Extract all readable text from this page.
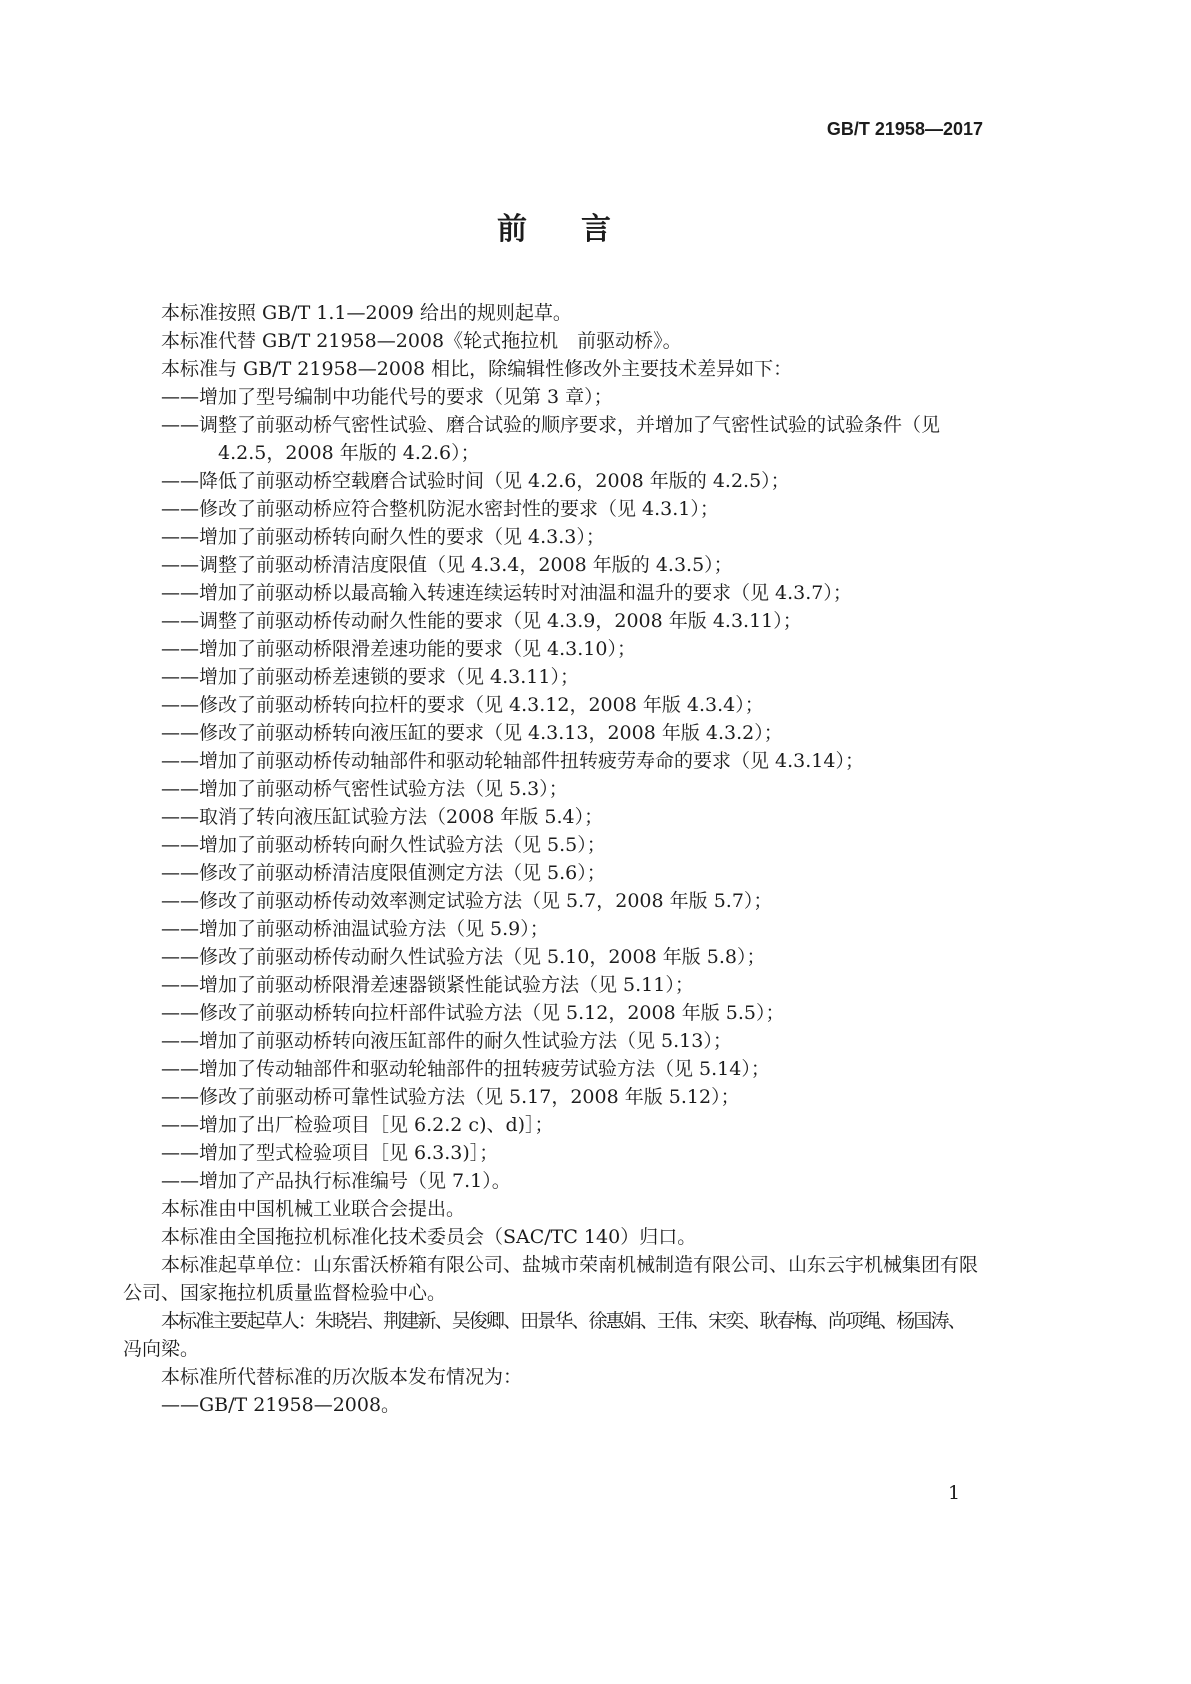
GB/T 21958—2017
前　言

本标准按照 GB/T 1.1—2009 给出的规则起草。

本标准代替 GB/T 21958—2008《轮式拖拉机　前驱动桥》。

本标准与 GB/T 21958—2008 相比，除编辑性修改外主要技术差异如下：

——增加了型号编制中功能代号的要求（见第 3 章）；

——调整了前驱动桥气密性试验、磨合试验的顺序要求，并增加了气密性试验的试验条件（见

4.2.5，2008 年版的 4.2.6）；

——降低了前驱动桥空载磨合试验时间（见 4.2.6，2008 年版的 4.2.5）；

——修改了前驱动桥应符合整机防泥水密封性的要求（见 4.3.1）；

——增加了前驱动桥转向耐久性的要求（见 4.3.3）；

——调整了前驱动桥清洁度限值（见 4.3.4，2008 年版的 4.3.5）；

——增加了前驱动桥以最高输入转速连续运转时对油温和温升的要求（见 4.3.7）；

——调整了前驱动桥传动耐久性能的要求（见 4.3.9，2008 年版 4.3.11）；

——增加了前驱动桥限滑差速功能的要求（见 4.3.10）；

——增加了前驱动桥差速锁的要求（见 4.3.11）；

——修改了前驱动桥转向拉杆的要求（见 4.3.12，2008 年版 4.3.4）；

——修改了前驱动桥转向液压缸的要求（见 4.3.13，2008 年版 4.3.2）；

——增加了前驱动桥传动轴部件和驱动轮轴部件扭转疲劳寿命的要求（见 4.3.14）；

——增加了前驱动桥气密性试验方法（见 5.3）；

——取消了转向液压缸试验方法（2008 年版 5.4）；

——增加了前驱动桥转向耐久性试验方法（见 5.5）；

——修改了前驱动桥清洁度限值测定方法（见 5.6）；

——修改了前驱动桥传动效率测定试验方法（见 5.7，2008 年版 5.7）；

——增加了前驱动桥油温试验方法（见 5.9）；

——修改了前驱动桥传动耐久性试验方法（见 5.10，2008 年版 5.8）；

——增加了前驱动桥限滑差速器锁紧性能试验方法（见 5.11）；

——修改了前驱动桥转向拉杆部件试验方法（见 5.12，2008 年版 5.5）；

——增加了前驱动桥转向液压缸部件的耐久性试验方法（见 5.13）；

——增加了传动轴部件和驱动轮轴部件的扭转疲劳试验方法（见 5.14）；

——修改了前驱动桥可靠性试验方法（见 5.17，2008 年版 5.12）；

——增加了出厂检验项目［见 6.2.2 c)、d)］；

——增加了型式检验项目［见 6.3.3)］；

——增加了产品执行标准编号（见 7.1）。

本标准由中国机械工业联合会提出。

本标准由全国拖拉机标准化技术委员会（SAC/TC 140）归口。

本标准起草单位：山东雷沃桥箱有限公司、盐城市荣南机械制造有限公司、山东云宇机械集团有限

公司、国家拖拉机质量监督检验中心。

本标准主要起草人：朱晓岩、荆建新、吴俊卿、田景华、徐惠娟、王伟、宋奕、耿春梅、尚项绳、杨国涛、

冯向梁。

本标准所代替标准的历次版本发布情况为：

——GB/T 21958—2008。

1
